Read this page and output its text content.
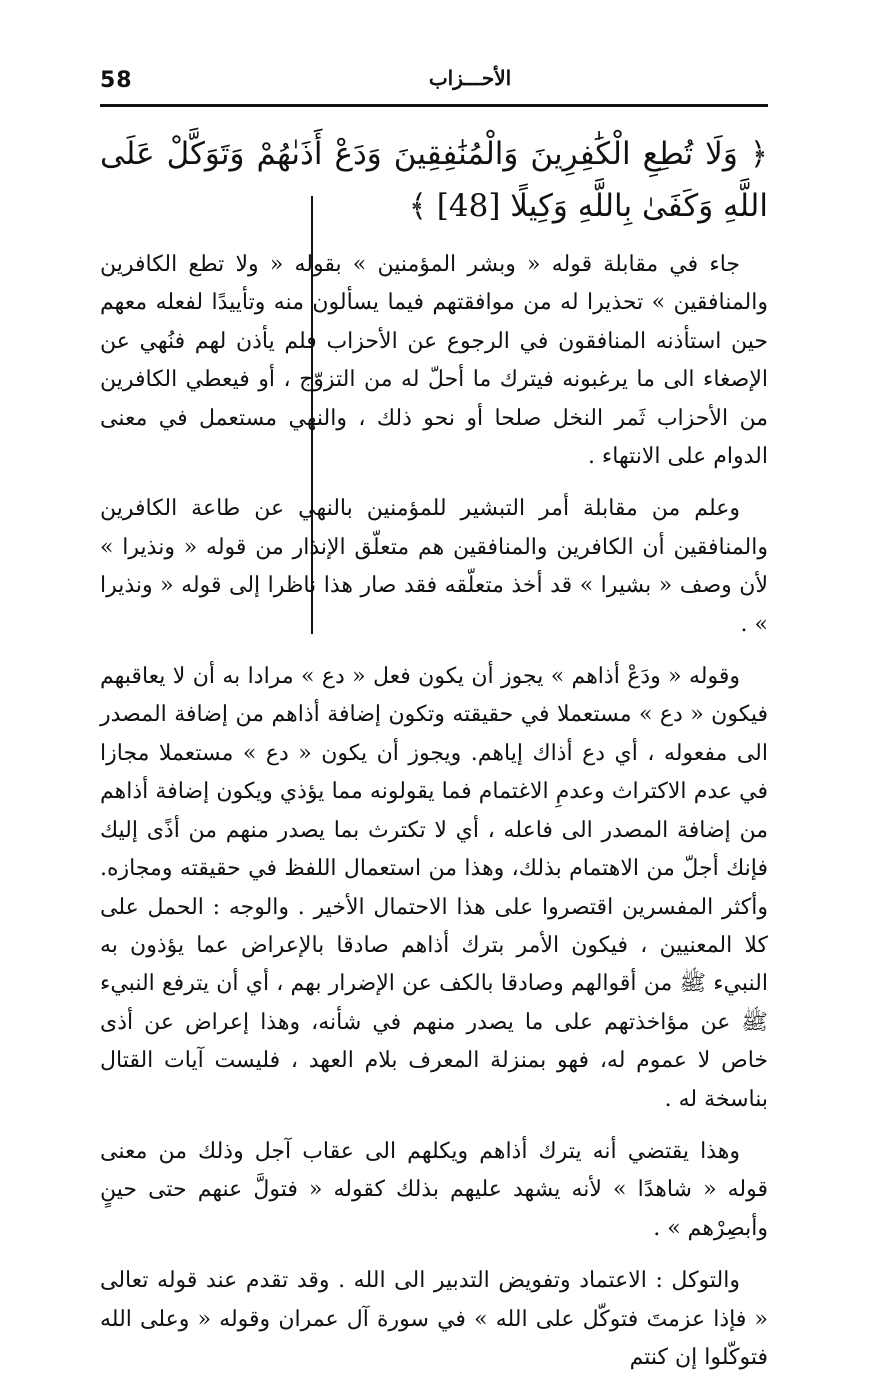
58	الأحـــزاب

﴿ وَلَا تُطِعِ الْكَٰفِرِينَ وَالْمُنَٰفِقِينَ وَدَعْ أَذَىٰهُمْ وَتَوَكَّلْ عَلَى اللَّهِ وَكَفَىٰ بِاللَّهِ وَكِيلًا [48] ﴾

جاء في مقابلة قوله « وبشر المؤمنين » بقوله « ولا تطع الكافرين والمنافقين » تحذيرا له من موافقتهم فيما يسألون منه وتأييدًا لفعله معهم حين استأذنه المنافقون في الرجوع عن الأحزاب فلم يأذن لهم فنُهي عن الإصغاء الى ما يرغبونه فيترك ما أحلّ له من التزوّج ، أو فيعطي الكافرين من الأحزاب ثَمر النخل صلحا أو نحو ذلك ، والنهي مستعمل في معنى الدوام على الانتهاء .

وعلم من مقابلة أمر التبشير للمؤمنين بالنهي عن طاعة الكافرين والمنافقين أن الكافرين والمنافقين هم متعلّق الإنذار من قوله « ونذيرا » لأن وصف « بشيرا » قد أخذ متعلّقه فقد صار هذا ناظرا إلى قوله « ونذيرا » .

وقوله « ودَعْ أذاهم » يجوز أن يكون فعل « دع » مرادا به أن لا يعاقبهم فيكون « دع » مستعملا في حقيقته وتكون إضافة أذاهم من إضافة المصدر الى مفعوله ، أي دع أذاك إياهم. ويجوز أن يكون « دع » مستعملا مجازا في عدم الاكتراث وعدمِ الاغتمام فما يقولونه مما يؤذي ويكون إضافة أذاهم من إضافة المصدر الى فاعله ، أي لا تكترث بما يصدر منهم من أذًى إليك فإنك أجلّ من الاهتمام بذلك، وهذا من استعمال اللفظ في حقيقته ومجازه. وأكثر المفسرين اقتصروا على هذا الاحتمال الأخير . والوجه : الحمل على كلا المعنيين ، فيكون الأمر بترك أذاهم صادقا بالإعراض عما يؤذون به النبيء ﷺ من أقوالهم وصادقا بالكف عن الإضرار بهم ، أي أن يترفع النبيء ﷺ عن مؤاخذتهم على ما يصدر منهم في شأنه، وهذا إعراض عن أذى خاص لا عموم له، فهو بمنزلة المعرف بلام العهد ، فليست آيات القتال بناسخة له .

وهذا يقتضي أنه يترك أذاهم ويكلهم الى عقاب آجل وذلك من معنى قوله « شاهدًا » لأنه يشهد عليهم بذلك كقوله « فتولَّ عنهم حتى حينٍ وأبصِرْهم » .

والتوكل : الاعتماد وتفويض التدبير الى الله . وقد تقدم عند قوله تعالى « فإذا عزمتَ فتوكّل على الله » في سورة آل عمران وقوله « وعلى الله فتوكّلوا إن كنتم
